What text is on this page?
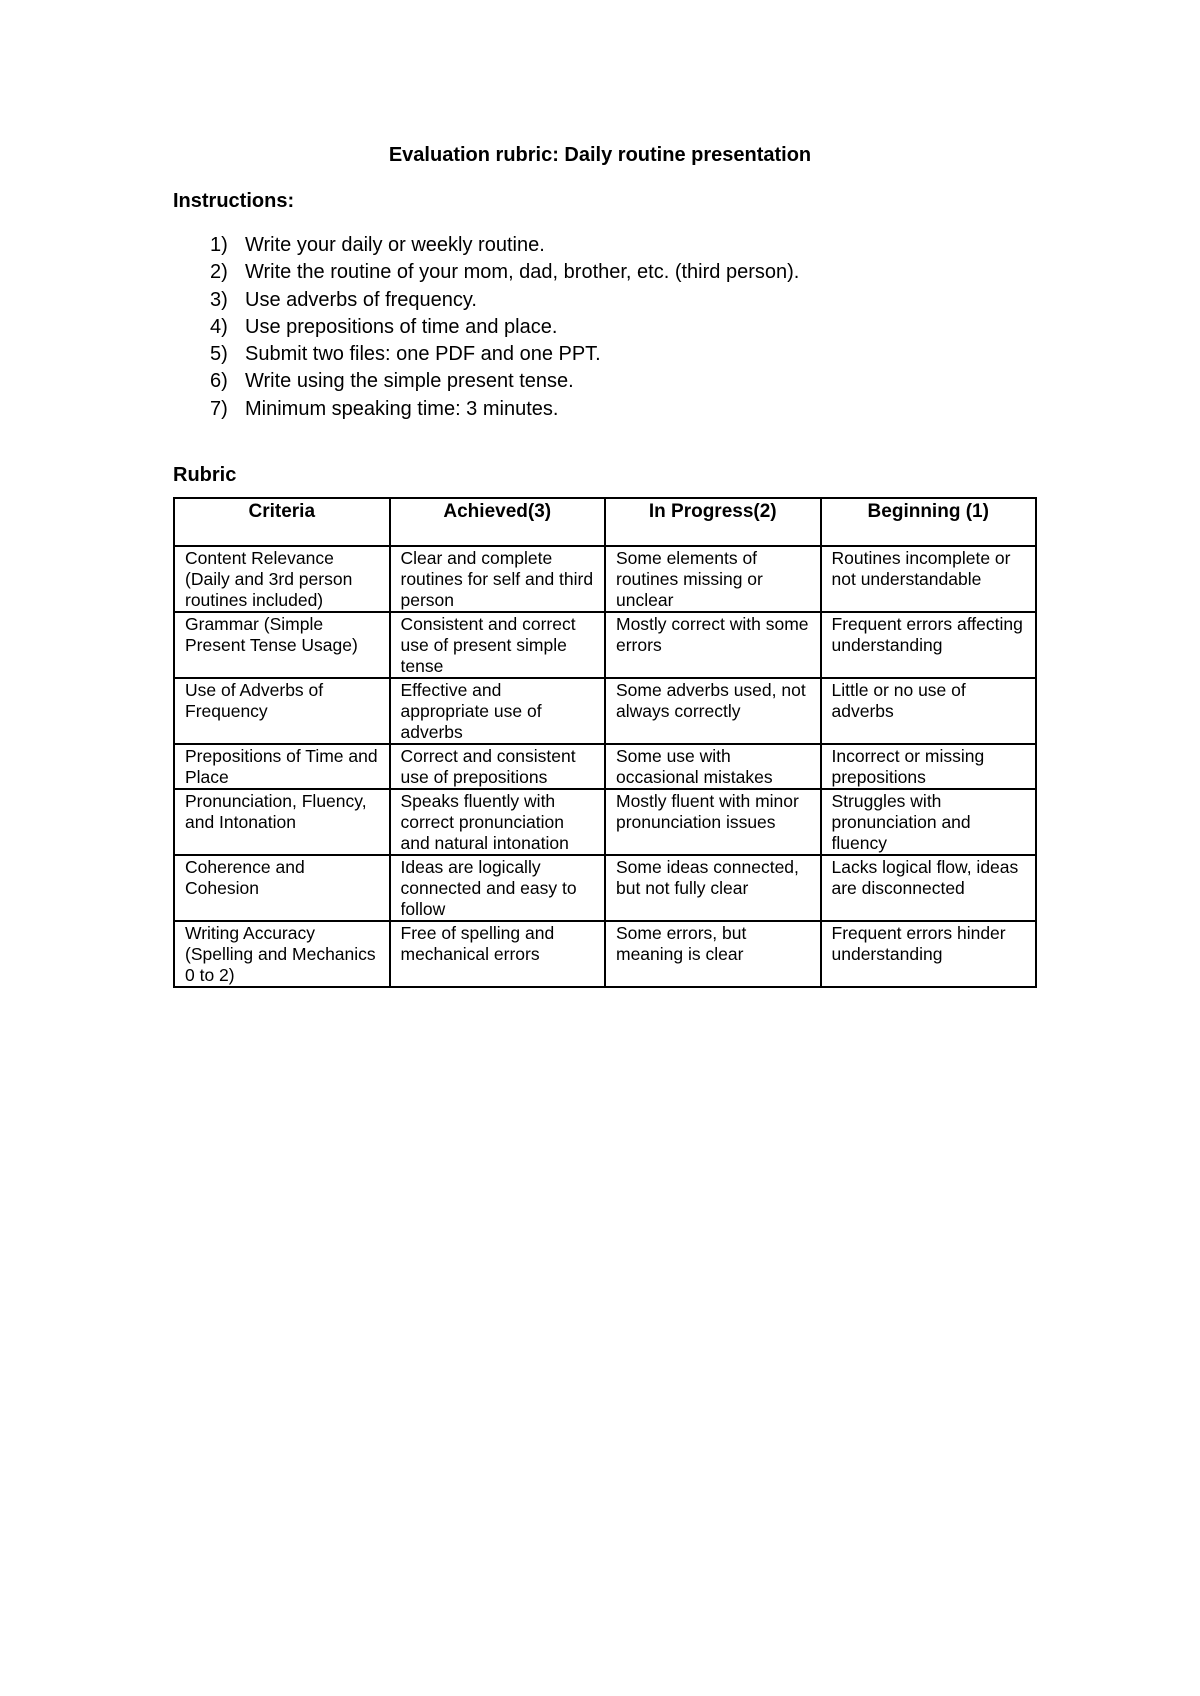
Evaluation rubric: Daily routine presentation
Instructions:
1) Write your daily or weekly routine.
2) Write the routine of your mom, dad, brother, etc. (third person).
3) Use adverbs of frequency.
4) Use prepositions of time and place.
5) Submit two files: one PDF and one PPT.
6) Write using the simple present tense.
7) Minimum speaking time: 3 minutes.
Rubric
Criteria	Achieved(3)	In Progress(2)	Beginning (1)

Content Relevance (Daily and 3rd person routines included)	Clear and complete routines for self and third person	Some elements of routines missing or unclear	Routines incomplete or not understandable

Grammar (Simple Present Tense Usage)	Consistent and correct use of present simple tense	Mostly correct with some errors	Frequent errors affecting understanding

Use of Adverbs of Frequency	Effective and appropriate use of adverbs	Some adverbs used, not always correctly	Little or no use of adverbs

Prepositions of Time and Place	Correct and consistent use of prepositions	Some use with occasional mistakes	Incorrect or missing prepositions

Pronunciation, Fluency, and Intonation	Speaks fluently with correct pronunciation and natural intonation	Mostly fluent with minor pronunciation issues	Struggles with pronunciation and fluency

Coherence and Cohesion	Ideas are logically connected and easy to follow	Some ideas connected, but not fully clear	Lacks logical flow, ideas are disconnected

Writing Accuracy (Spelling and Mechanics 0 to 2)	Free of spelling and mechanical errors	Some errors, but meaning is clear	Frequent errors hinder understanding
